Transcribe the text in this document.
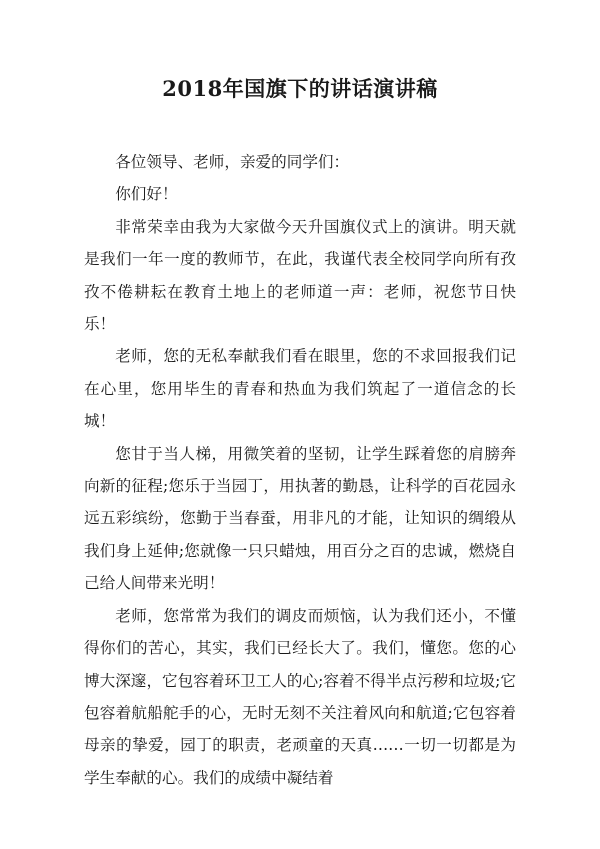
2018年国旗下的讲话演讲稿

各位领导、老师，亲爱的同学们：

你们好！

非常荣幸由我为大家做今天升国旗仪式上的演讲。明天就是我们一年一度的教师节，在此，我谨代表全校同学向所有孜孜不倦耕耘在教育土地上的老师道一声：老师，祝您节日快乐！

老师，您的无私奉献我们看在眼里，您的不求回报我们记在心里，您用毕生的青春和热血为我们筑起了一道信念的长城！

您甘于当人梯，用微笑着的坚韧，让学生踩着您的肩膀奔向新的征程;您乐于当园丁，用执著的勤恳，让科学的百花园永远五彩缤纷，您勤于当春蚕，用非凡的才能，让知识的绸缎从我们身上延伸;您就像一只只蜡烛，用百分之百的忠诚，燃烧自己给人间带来光明！

老师，您常常为我们的调皮而烦恼，认为我们还小，不懂得你们的苦心，其实，我们已经长大了。我们，懂您。您的心博大深邃，它包容着环卫工人的心;容着不得半点污秽和垃圾;它包容着航船舵手的心，无时无刻不关注着风向和航道;它包容着母亲的挚爱，园丁的职责，老顽童的天真……一切一切都是为学生奉献的心。我们的成绩中凝结着
